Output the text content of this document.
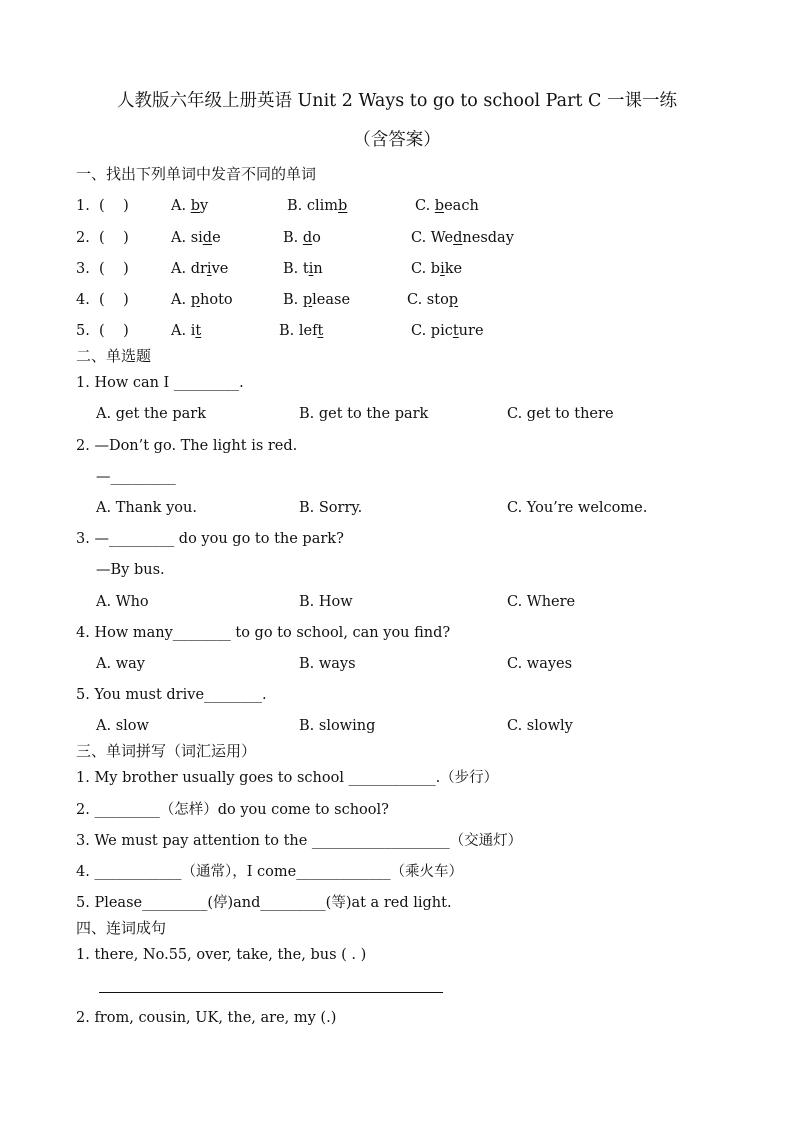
人教版六年级上册英语 Unit 2 Ways to go to school Part C 一课一练
（含答案）
一、找出下列单词中发音不同的单词
1. (    )	A. by	B. climb	C. beach
2. (    )	A. side	B. do	C. Wednesday
3. (    )	A. drive	B. tin	C. bike
4. (    )	A. photo	B. please	C. stop
5. (    )	A. it	B. left	C. picture
二、单选题
1. How can I _________.
A. get the park	B. get to the park	C. get to there
2. —Don’t go. The light is red.
—_________
A. Thank you.	B. Sorry.	C. You’re welcome.
3. —_________ do you go to the park?
—By bus.
A. Who	B. How	C. Where
4. How many________ to go to school, can you find?
A. way	B. ways	C. wayes
5. You must drive________.
A. slow	B. slowing	C. slowly
三、单词拼写（词汇运用）
1. My brother usually goes to school ____________.（步行）
2. _________（怎样）do you come to school?
3. We must pay attention to the ___________________（交通灯）
4. ____________（通常），I come_____________（乘火车）
5. Please_________(停)and_________(等)at a red light.
四、连词成句
1. there, No.55, over, take, the, bus ( . )
2. from, cousin, UK, the, are, my (.)
